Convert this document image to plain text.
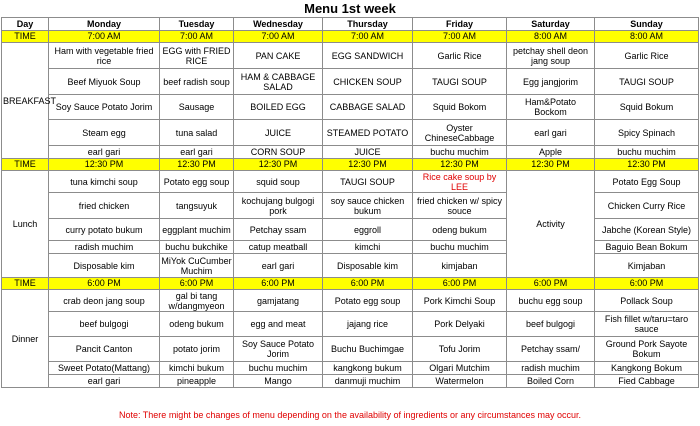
Menu 1st week
Day	Monday	Tuesday	Wednesday	Thursday	Friday	Saturday	Sunday
TIME	7:00 AM	7:00 AM	7:00 AM	7:00 AM	7:00 AM	8:00 AM	8:00 AM
BREAKFAST	Ham with vegetable fried rice	EGG with FRIED RICE	PAN CAKE	EGG SANDWICH	Garlic Rice	petchay shell deon jang soup	Garlic Rice
	Beef Miyuok Soup	beef radish soup	HAM & CABBAGE SALAD	CHICKEN SOUP	TAUGI SOUP	Egg jangjorim	TAUGI SOUP
	Soy Sauce Potato Jorim	Sausage	BOILED EGG	CABBAGE SALAD	Squid Bokom	Ham&Potato Bockom	Squid Bokum
	Steam egg	tuna salad	JUICE	STEAMED POTATO	Oyster ChineseCabbage	earl gari	Spicy Spinach
	earl gari	earl gari	CORN SOUP	JUICE	buchu muchim	Apple	buchu muchim
TIME	12:30 PM	12:30 PM	12:30 PM	12:30 PM	12:30 PM	12:30 PM	12:30 PM
Lunch	tuna kimchi soup	Potato egg soup	squid soup	TAUGI SOUP	Rice cake soup by LEE	Activity	Potato Egg Soup
	fried chicken	tangsuyuk	kochujang bulgogi pork	soy sauce chicken bukum	fried chicken w/ spicy souce		Chicken Curry Rice
	curry potato bukum	eggplant muchim	Petchay ssam	eggroll	odeng bukum		Jabche (Korean Style)
	radish muchim	buchu bukchike	catup meatball	kimchi	buchu muchim		Baguio Bean Bokum
	Disposable kim	MiYok CuCumber Muchim	earl gari	Disposable kim	kimjaban		Kimjaban
TIME	6:00 PM	6:00 PM	6:00 PM	6:00 PM	6:00 PM	6:00 PM	6:00 PM
Dinner	crab deon jang soup	gal bi tang w/dangmyeon	gamjatang	Potato egg soup	Pork Kimchi Soup	buchu egg soup	Pollack Soup
	beef bulgogi	odeng bukum	egg and meat	jajang rice	Pork Delyaki	beef bulgogi	Fish fillet w/taru=taro sauce
	Pancit Canton	potato jorim	Soy Sauce Potato Jorim	Buchu Buchimgae	Tofu Jorim	Petchay ssam/	Ground Pork Sayote Bokum
	Sweet Potato(Mattang)	kimchi bukum	buchu muchim	kangkong bukum	Olgari Mutchim	radish muchim	Kangkong Bokum
	earl gari	pineapple	Mango	danmuji muchim	Watermelon	Boiled Corn	Fied Cabbage
Note: There might be changes of menu depending on the availability of ingredients or any circumstances may occur.
